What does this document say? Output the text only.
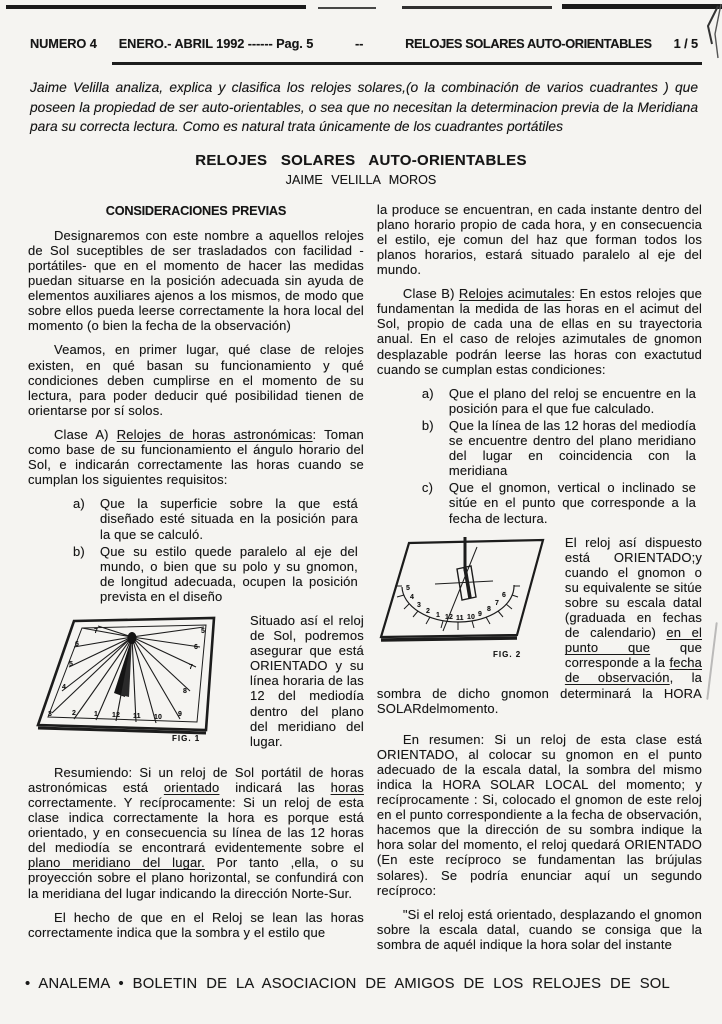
NUMERO 4 ENERO.- ABRIL 1992 ------ Pag. 5	--	RELOJES SOLARES AUTO-ORIENTABLES 1 / 5

Jaime Velilla analiza, explica y clasifica los relojes solares,(o la combinación de varios cuadrantes ) que poseen la propiedad de ser auto-orientables, o sea que no necesitan la determinacion previa de la Meridiana para su correcta lectura. Como es natural trata únicamente de los cuadrantes portátiles

RELOJES SOLARES AUTO-ORIENTABLES
JAIME VELILLA MOROS
CONSIDERACIONES PREVIAS

Designaremos con este nombre a aquellos relojes de Sol suceptibles de ser trasladados con facilidad -portátiles- que en el momento de hacer las medidas puedan situarse en la posición adecuada sin ayuda de elementos auxiliares ajenos a los mismos, de modo que sobre ellos pueda leerse correctamente la hora local del momento (o bien la fecha de la observación)

Veamos, en primer lugar, qué clase de relojes existen, en qué basan su funcionamiento y qué condiciones deben cumplirse en el momento de su lectura, para poder deducir qué posibilidad tienen de orientarse por sí solos.

Clase A) Relojes de horas astronómicas: Toman como base de su funcionamiento el ángulo horario del Sol, e indicarán correctamente las horas cuando se cumplan los siguientes requisitos:

a) Que la superficie sobre la que está diseñado esté situada en la posición para la que se calculó.
b) Que su estilo quede paralelo al eje del mundo, o bien que su polo y su gnomon, de longitud adecuada, ocupen la posición prevista en el diseño
7	5
6
5
4
3	2	1 12 11 10 9
6
7
8
FIG. 1

Situado así el reloj de Sol, podremos asegurar que está ORIENTADO y su línea horaria de las 12 del mediodía dentro del plano del meridiano del lugar.

Resumiendo: Si un reloj de Sol portátil de horas astronómicas está orientado indicará las horas correctamente. Y recíprocamente: Si un reloj de esta clase indica correctamente la hora es porque está orientado, y en consecuencia su línea de las 12 horas del mediodía se encontrará evidentemente sobre el plano meridiano del lugar. Por tanto ,ella, o su proyección sobre el plano horizontal, se confundirá con la meridiana del lugar indicando la dirección Norte-Sur.

El hecho de que en el Reloj se lean las horas correctamente indica que la sombra y el estilo que

la produce se encuentran, en cada instante dentro del plano horario propio de cada hora, y en consecuencia el estilo, eje comun del haz que forman todos los planos horarios, estará situado paralelo al eje del mundo.

Clase B) Relojes acimutales: En estos relojes que fundamentan la medida de las horas en el acimut del Sol, propio de cada una de ellas en su trayectoria anual. En el caso de relojes azimutales de gnomon desplazable podrán leerse las horas con exactutud cuando se cumplan estas condiciones:

a) Que el plano del reloj se encuentre en la posición para el que fue calculado.
b) Que la línea de las 12 horas del mediodía se encuentre dentro del plano meridiano del lugar en coincidencia con la meridiana
c) Que el gnomon, vertical o inclinado se sitúe en el punto que corresponde a la fecha de lectura.
5
4
3
2
1 12 11 10 9
8
7
6
FIG. 2

El reloj así dispuesto está ORIENTADO;y cuando el gnomon o su equivalente se sitúe sobre su escala datal (graduada en fechas de calendario) en el punto que que corresponde a la fecha de observación, la sombra de dicho gnomon determinará la HORA SOLARdelmomento.

En resumen: Si un reloj de esta clase está ORIENTADO, al colocar su gnomon en el punto adecuado de la escala datal, la sombra del mismo indica la HORA SOLAR LOCAL del momento; y recíprocamente : Si, colocado el gnomon de este reloj en el punto correspondiente a la fecha de observación, hacemos que la dirección de su sombra indique la hora solar del momento, el reloj quedará ORIENTADO (En este recíproco se fundamentan las brújulas solares). Se podría enunciar aquí un segundo recíproco:

"Si el reloj está orientado, desplazando el gnomon sobre la escala datal, cuando se consiga que la sombra de aquél indique la hora solar del instante

• ANALEMA • BOLETIN DE LA ASOCIACION DE AMIGOS DE LOS RELOJES DE SOL
